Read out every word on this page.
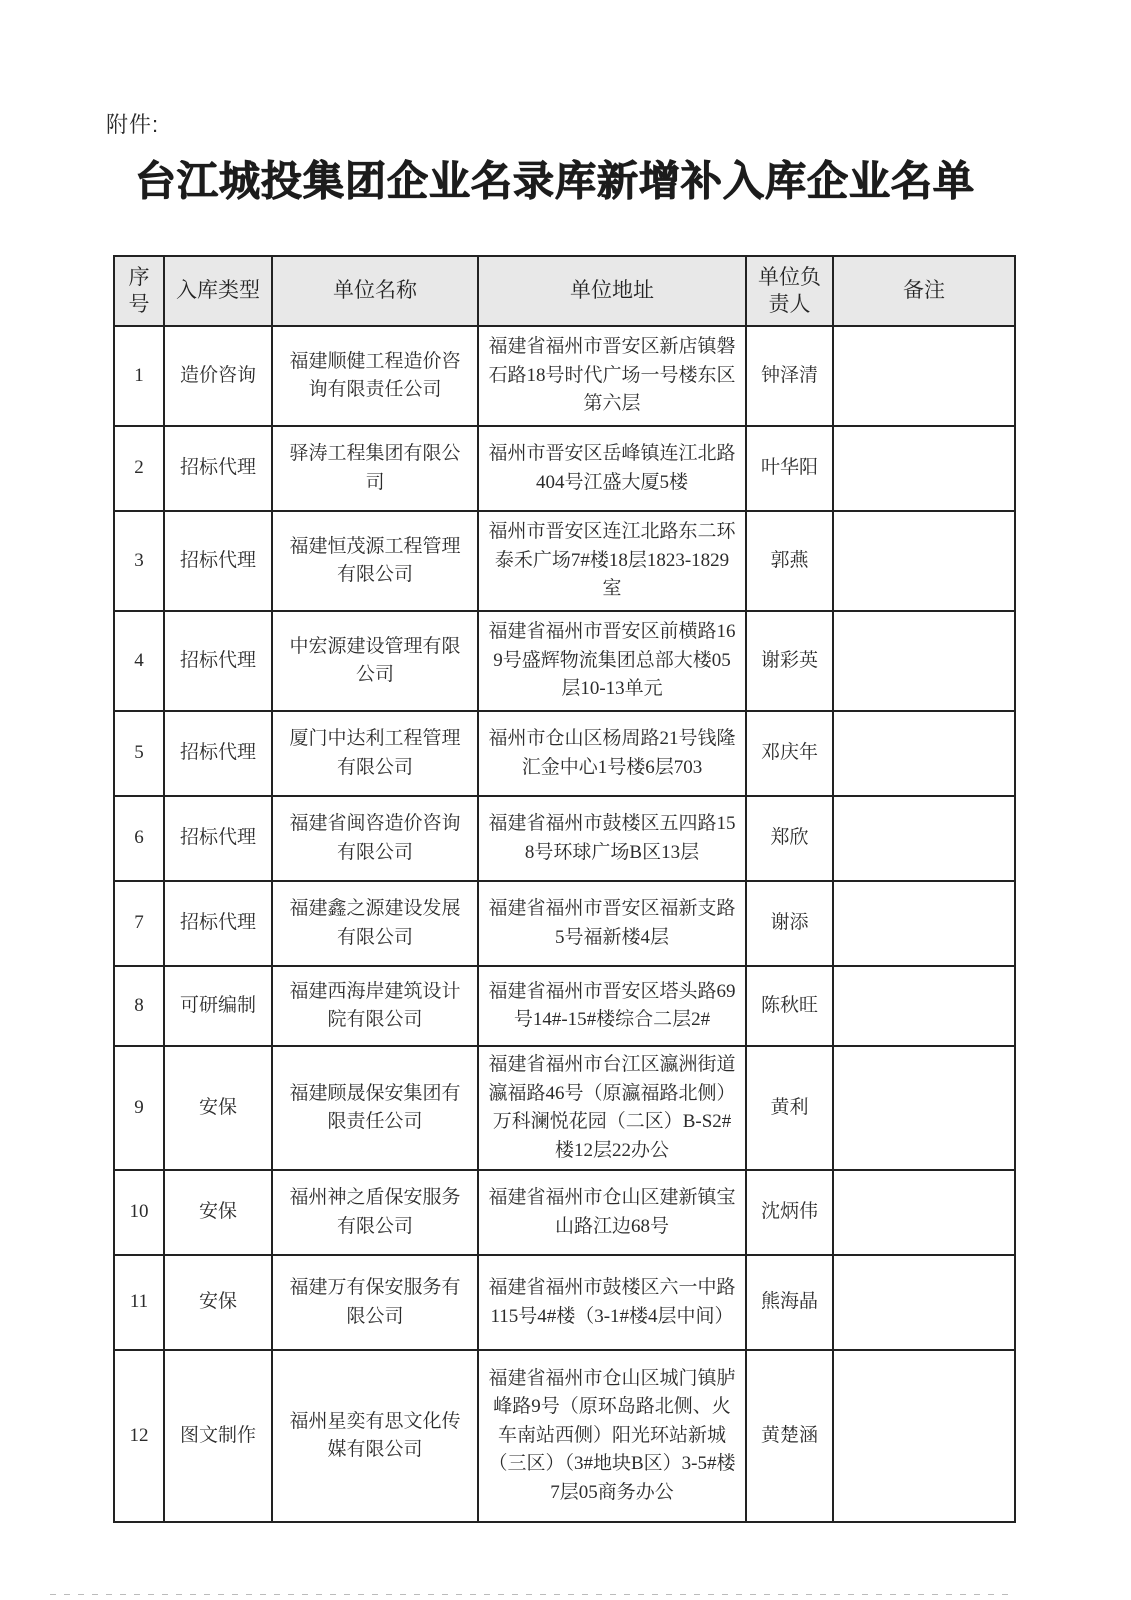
附件:
台江城投集团企业名录库新增补入库企业名单
序号	入库类型	单位名称	单位地址	单位负责人	备注
1	造价咨询	福建顺健工程造价咨询有限责任公司	福建省福州市晋安区新店镇磐石路18号时代广场一号楼东区第六层	钟泽清	
2	招标代理	驿涛工程集团有限公司	福州市晋安区岳峰镇连江北路404号江盛大厦5楼	叶华阳	
3	招标代理	福建恒茂源工程管理有限公司	福州市晋安区连江北路东二环泰禾广场7#楼18层1823-1829室	郭燕	
4	招标代理	中宏源建设管理有限公司	福建省福州市晋安区前横路169号盛辉物流集团总部大楼05层10-13单元	谢彩英	
5	招标代理	厦门中达利工程管理有限公司	福州市仓山区杨周路21号钱隆汇金中心1号楼6层703	邓庆年	
6	招标代理	福建省闽咨造价咨询有限公司	福建省福州市鼓楼区五四路158号环球广场B区13层	郑欣	
7	招标代理	福建鑫之源建设发展有限公司	福建省福州市晋安区福新支路5号福新楼4层	谢添	
8	可研编制	福建西海岸建筑设计院有限公司	福建省福州市晋安区塔头路69号14#-15#楼综合二层2#	陈秋旺	
9	安保	福建顾晟保安集团有限责任公司	福建省福州市台江区瀛洲街道瀛福路46号（原瀛福路北侧）万科澜悦花园（二区）B-S2#楼12层22办公	黄利	
10	安保	福州神之盾保安服务有限公司	福建省福州市仓山区建新镇宝山路江边68号	沈炳伟	
11	安保	福建万有保安服务有限公司	福建省福州市鼓楼区六一中路115号4#楼（3-1#楼4层中间）	熊海晶	
12	图文制作	福州星奕有思文化传媒有限公司	福建省福州市仓山区城门镇胪峰路9号（原环岛路北侧、火车南站西侧）阳光环站新城（三区）（3#地块B区）3-5#楼7层05商务办公	黄楚涵	
